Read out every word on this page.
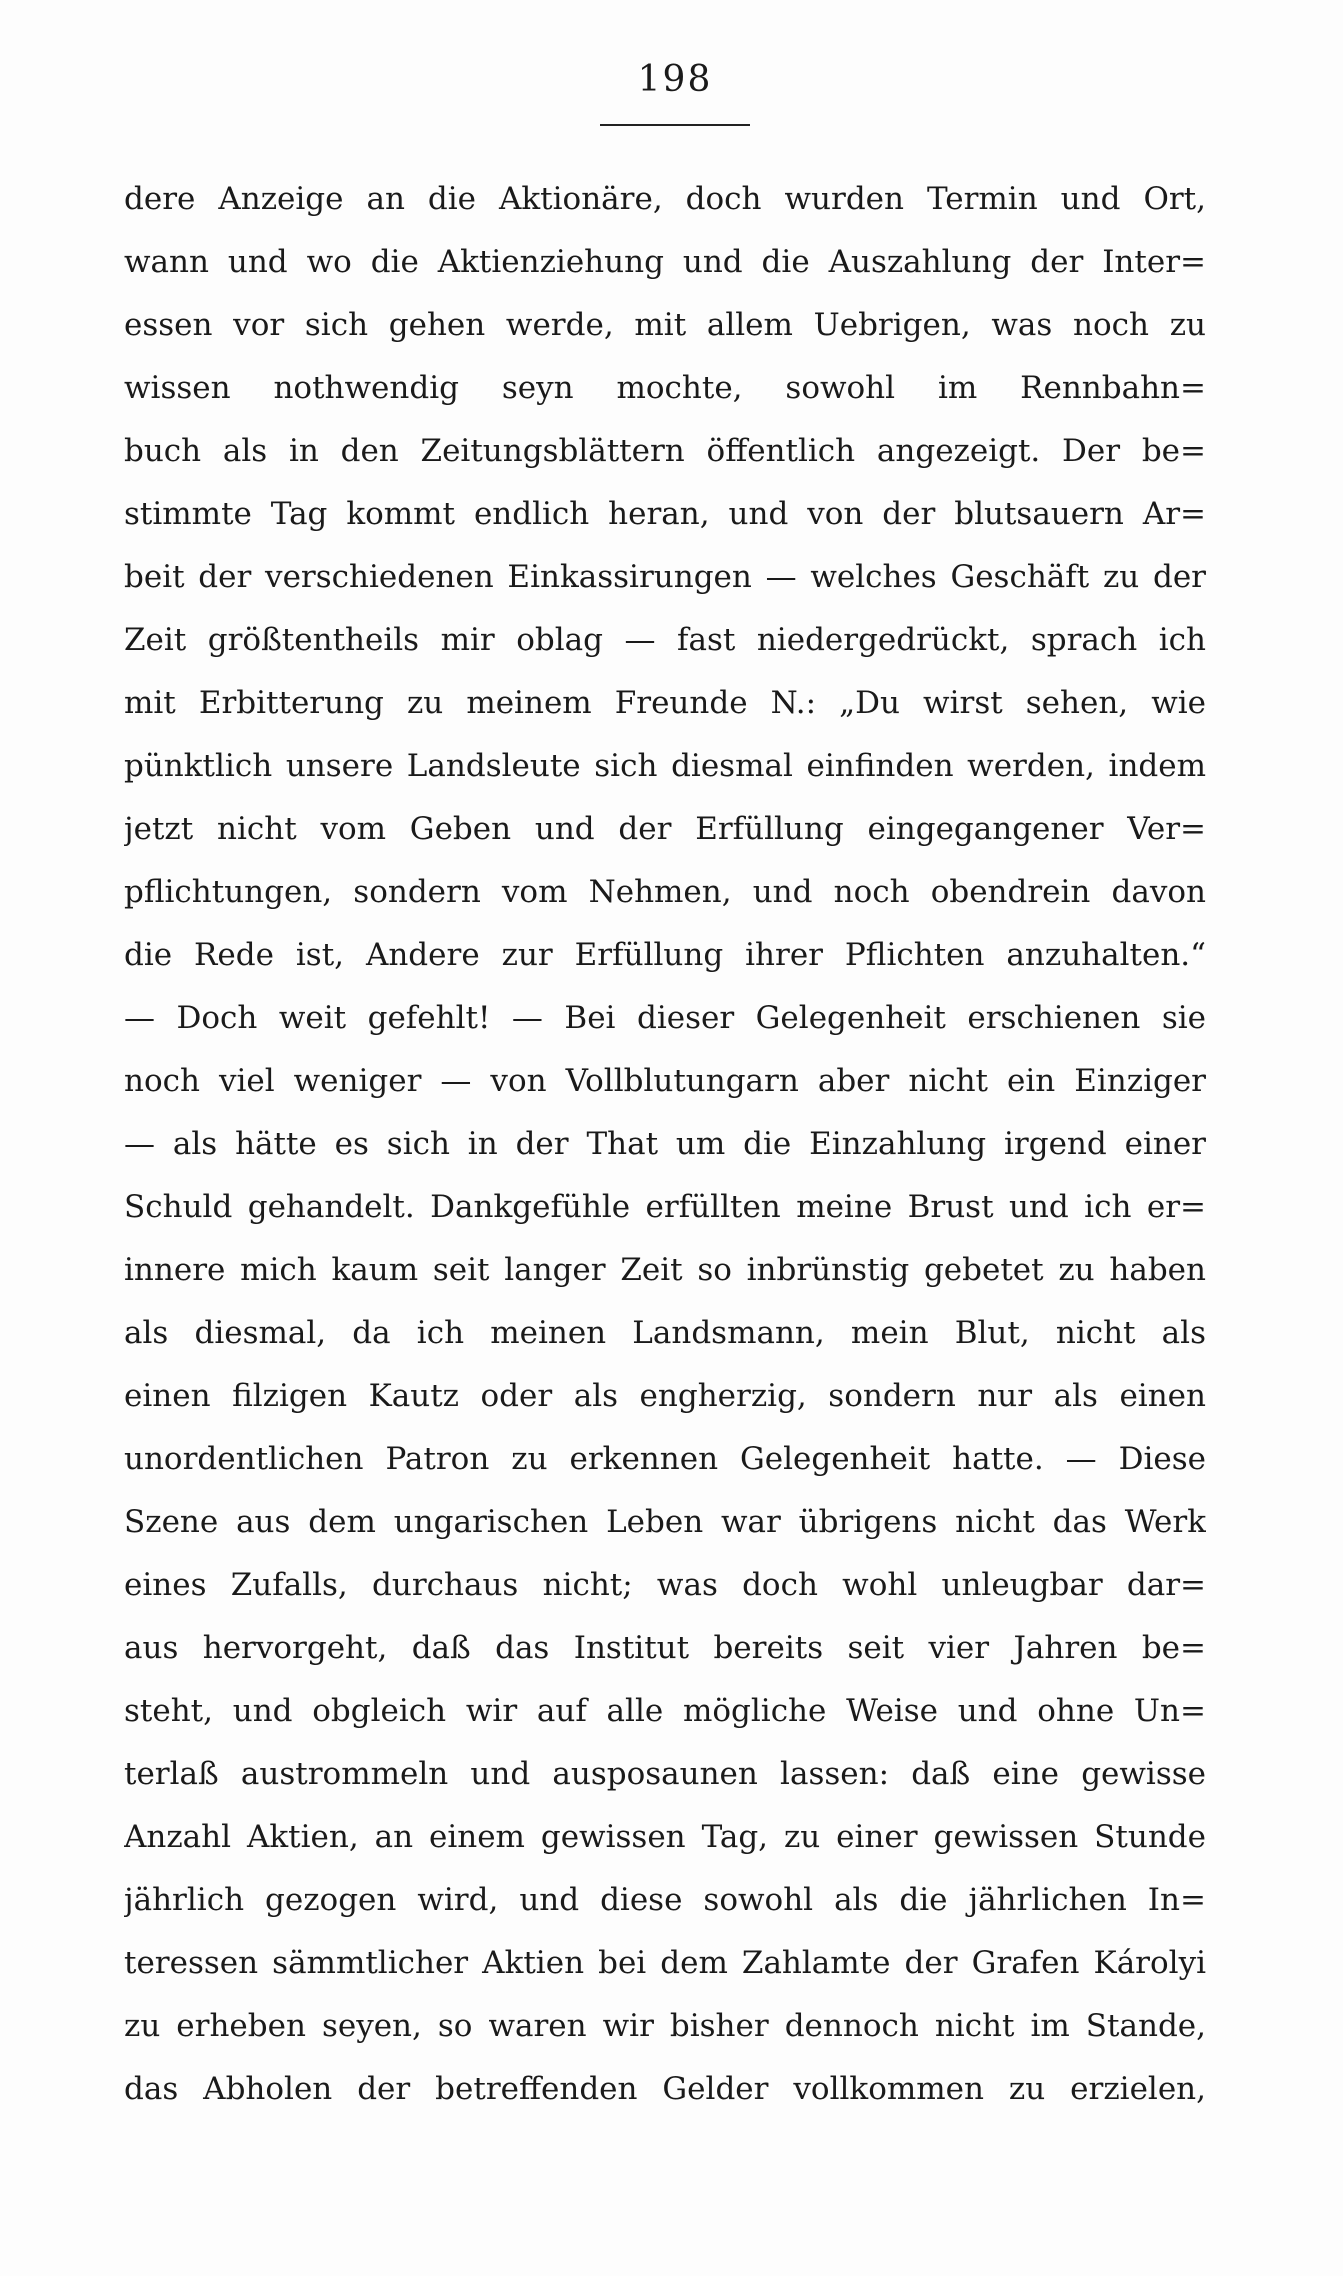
198
dere Anzeige an die Aktionäre, doch wurden Termin und Ort,
wann und wo die Aktienziehung und die Auszahlung der Inter=
essen vor sich gehen werde, mit allem Uebrigen, was noch zu
wissen nothwendig seyn mochte, sowohl im Rennbahn=
buch als in den Zeitungsblättern öffentlich angezeigt. Der be=
stimmte Tag kommt endlich heran, und von der blutsauern Ar=
beit der verschiedenen Einkassirungen — welches Geschäft zu der
Zeit größtentheils mir oblag — fast niedergedrückt, sprach ich
mit Erbitterung zu meinem Freunde N.: „Du wirst sehen, wie
pünktlich unsere Landsleute sich diesmal einfinden werden, indem
jetzt nicht vom Geben und der Erfüllung eingegangener Ver=
pflichtungen, sondern vom Nehmen, und noch obendrein davon
die Rede ist, Andere zur Erfüllung ihrer Pflichten anzuhalten.“
— Doch weit gefehlt! — Bei dieser Gelegenheit erschienen sie
noch viel weniger — von Vollblutungarn aber nicht ein Einziger
— als hätte es sich in der That um die Einzahlung irgend einer
Schuld gehandelt. Dankgefühle erfüllten meine Brust und ich er=
innere mich kaum seit langer Zeit so inbrünstig gebetet zu haben
als diesmal, da ich meinen Landsmann, mein Blut, nicht als
einen filzigen Kautz oder als engherzig, sondern nur als einen
unordentlichen Patron zu erkennen Gelegenheit hatte. — Diese
Szene aus dem ungarischen Leben war übrigens nicht das Werk
eines Zufalls, durchaus nicht; was doch wohl unleugbar dar=
aus hervorgeht, daß das Institut bereits seit vier Jahren be=
steht, und obgleich wir auf alle mögliche Weise und ohne Un=
terlaß austrommeln und ausposaunen lassen: daß eine gewisse
Anzahl Aktien, an einem gewissen Tag, zu einer gewissen Stunde
jährlich gezogen wird, und diese sowohl als die jährlichen In=
teressen sämmtlicher Aktien bei dem Zahlamte der Grafen Károlyi
zu erheben seyen, so waren wir bisher dennoch nicht im Stande,
das Abholen der betreffenden Gelder vollkommen zu erzielen,
